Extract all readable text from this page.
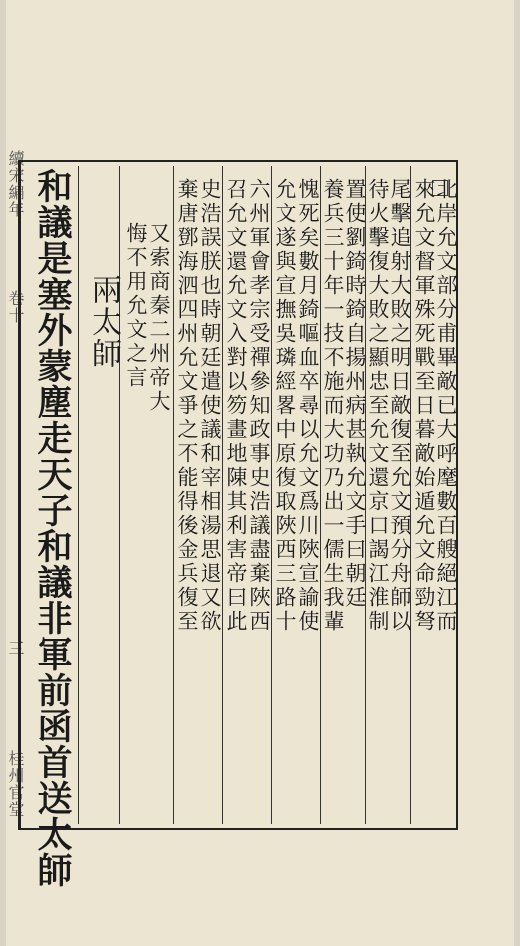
續宋編年
卷十
三
桂州官堂 和議是塞外蒙塵走天子和議非軍前函首送太師 兩太師 悔不用允文之言 又索商秦二州帝大 棄唐鄧海泗四州允文爭之不能得後金兵復至 史浩誤朕也時朝廷遣使議和宰相湯思退又欲 召允文還允文入對以笏畫地陳其利害帝曰此 六州軍會孝宗受禪參知政事史浩議盡棄陜西 允文遂與宣撫吳璘經畧中原復取陜西三路十 愧死矣數月錡嘔血卒尋以允文爲川陜宣諭使 養兵三十年一技不施而大功乃出一儒生我輩
置使劉錡時錡自揚州病甚執允文手曰朝廷 待火擊復大敗之顯忠至允文還京口謁江淮制
尾擊追射大敗之明日敵復至允文預分舟師以 來允文督軍殊死戰至日暮敵始遁允文命勁弩
北岸允文部分甫畢敵已大呼麾數百艘絕江而
